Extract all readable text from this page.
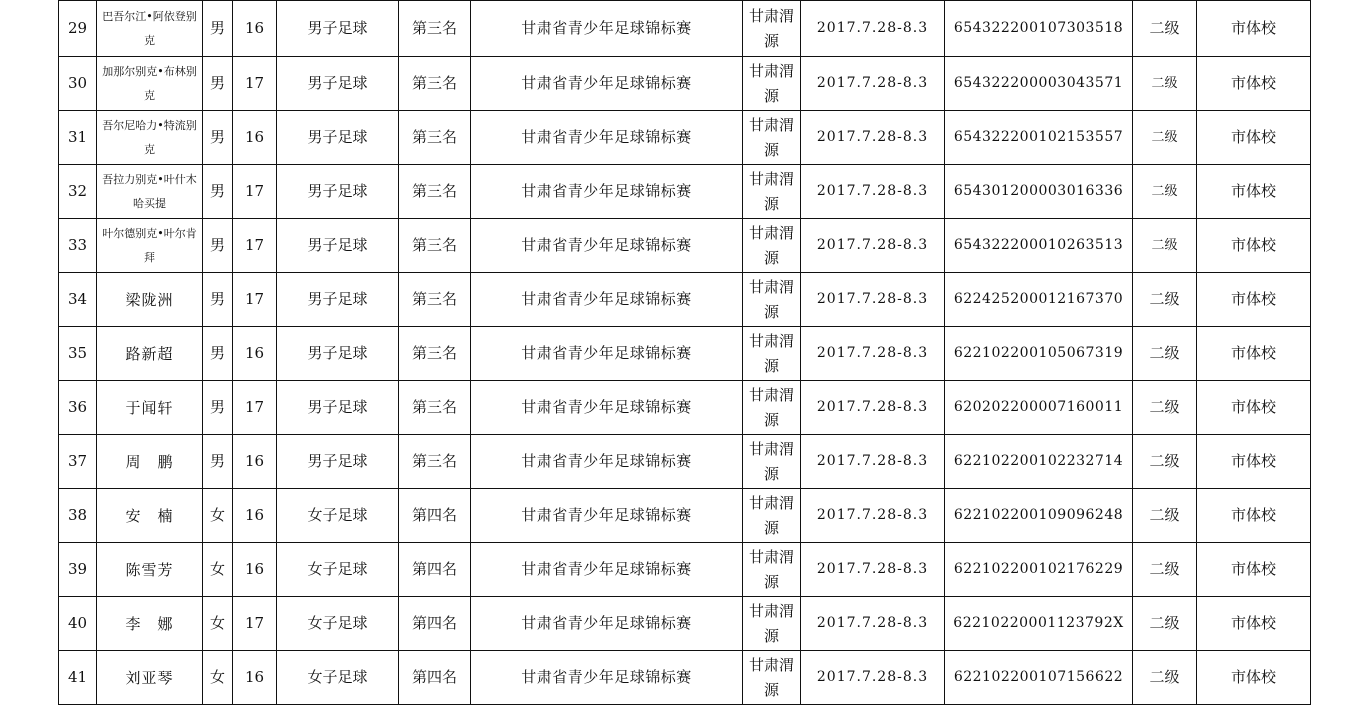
29	巴吾尔江•阿依登别克	男	16	男子足球	第三名	甘肃省青少年足球锦标赛	甘肃渭源	2017.7.28-8.3	654322200107303518	二级	市体校
30	加那尔别克•布林别克	男	17	男子足球	第三名	甘肃省青少年足球锦标赛	甘肃渭源	2017.7.28-8.3	654322200003043571	二级	市体校
31	吾尔尼哈力•特流别克	男	16	男子足球	第三名	甘肃省青少年足球锦标赛	甘肃渭源	2017.7.28-8.3	654322200102153557	二级	市体校
32	吾拉力别克•叶什木哈买提	男	17	男子足球	第三名	甘肃省青少年足球锦标赛	甘肃渭源	2017.7.28-8.3	654301200003016336	二级	市体校
33	叶尔德别克•叶尔肯拜	男	17	男子足球	第三名	甘肃省青少年足球锦标赛	甘肃渭源	2017.7.28-8.3	654322200010263513	二级	市体校
34	梁陇洲	男	17	男子足球	第三名	甘肃省青少年足球锦标赛	甘肃渭源	2017.7.28-8.3	622425200012167370	二级	市体校
35	路新超	男	16	男子足球	第三名	甘肃省青少年足球锦标赛	甘肃渭源	2017.7.28-8.3	622102200105067319	二级	市体校
36	于闻轩	男	17	男子足球	第三名	甘肃省青少年足球锦标赛	甘肃渭源	2017.7.28-8.3	620202200007160011	二级	市体校
37	周　鹏	男	16	男子足球	第三名	甘肃省青少年足球锦标赛	甘肃渭源	2017.7.28-8.3	622102200102232714	二级	市体校
38	安　楠	女	16	女子足球	第四名	甘肃省青少年足球锦标赛	甘肃渭源	2017.7.28-8.3	622102200109096248	二级	市体校
39	陈雪芳	女	16	女子足球	第四名	甘肃省青少年足球锦标赛	甘肃渭源	2017.7.28-8.3	622102200102176229	二级	市体校
40	李　娜	女	17	女子足球	第四名	甘肃省青少年足球锦标赛	甘肃渭源	2017.7.28-8.3	62210220001123792X	二级	市体校
41	刘亚琴	女	16	女子足球	第四名	甘肃省青少年足球锦标赛	甘肃渭源	2017.7.28-8.3	622102200107156622	二级	市体校
